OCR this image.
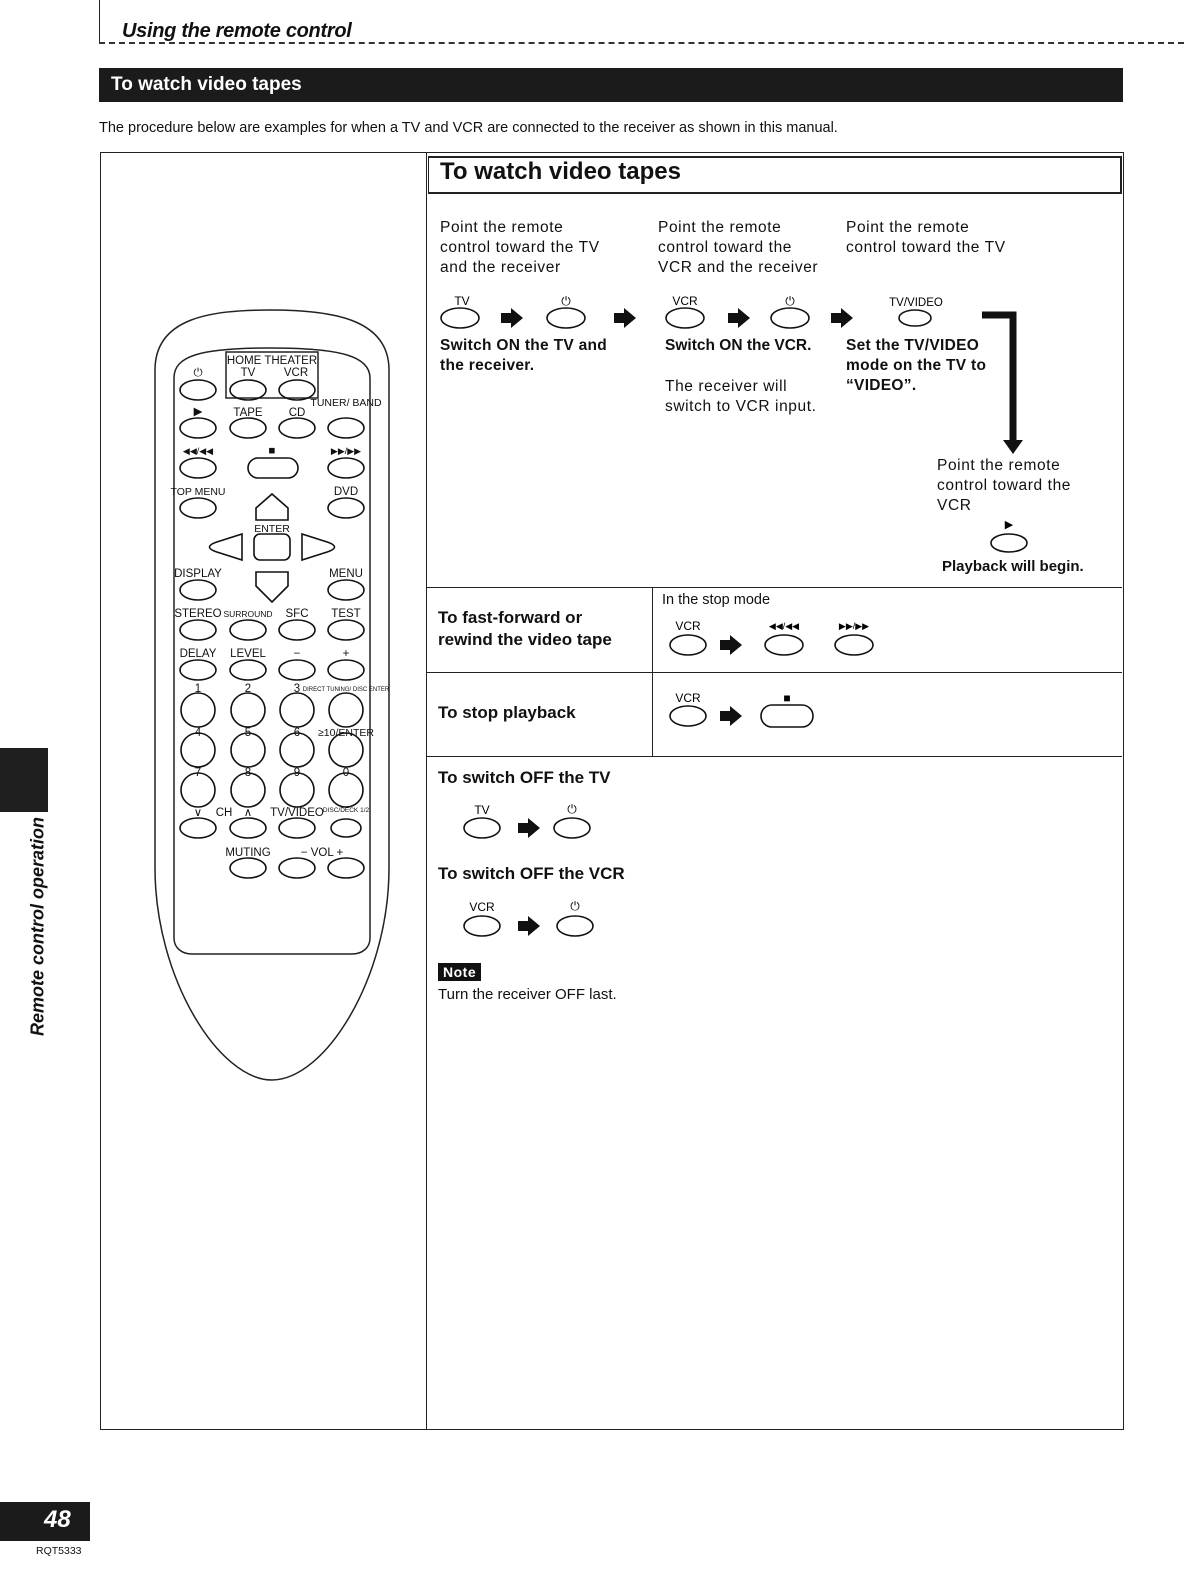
Using the remote control
To watch video tapes
The procedure below are examples for when a TV and VCR are connected to the receiver as shown in this manual.
To watch video tapes
Point the remote control toward the TV and the receiver
Point the remote control toward the VCR and the receiver
Point the remote control toward the TV
Switch ON the TV and the receiver.
Switch ON the VCR.
The receiver will switch to VCR input.
Set the TV/VIDEO mode on the TV to “VIDEO”.
Point the remote control toward the VCR
Playback will begin.
TV	⏻	VCR	⏻	TV/VIDEO
▶
To fast-forward or rewind the video tape
In the stop mode
VCR	◀◀/◀◀	▶▶/▶▶
To stop playback
VCR	■
To switch OFF the TV
TV	⏻
To switch OFF the VCR
VCR	⏻
Note
Turn the receiver OFF last.
HOME THEATER
⏻	TV VCR
▶	TAPE CD
TUNER/ BAND
◀◀/◀◀	■	▶▶/▶▶
TOP MENU	DVD
ENTER
DISPLAY	MENU
STEREO SURROUND SFC TEST
DELAY LEVEL −	+
DIRECT TUNING/ DISC ENTER
1	2	3
4	5	6 ≥10/ENTER
7	8	9	0
∨ CH ∧ TV/VIDEO DISC/DECK 1/2
MUTING	− VOL +
Remote control operation
48
RQT5333
